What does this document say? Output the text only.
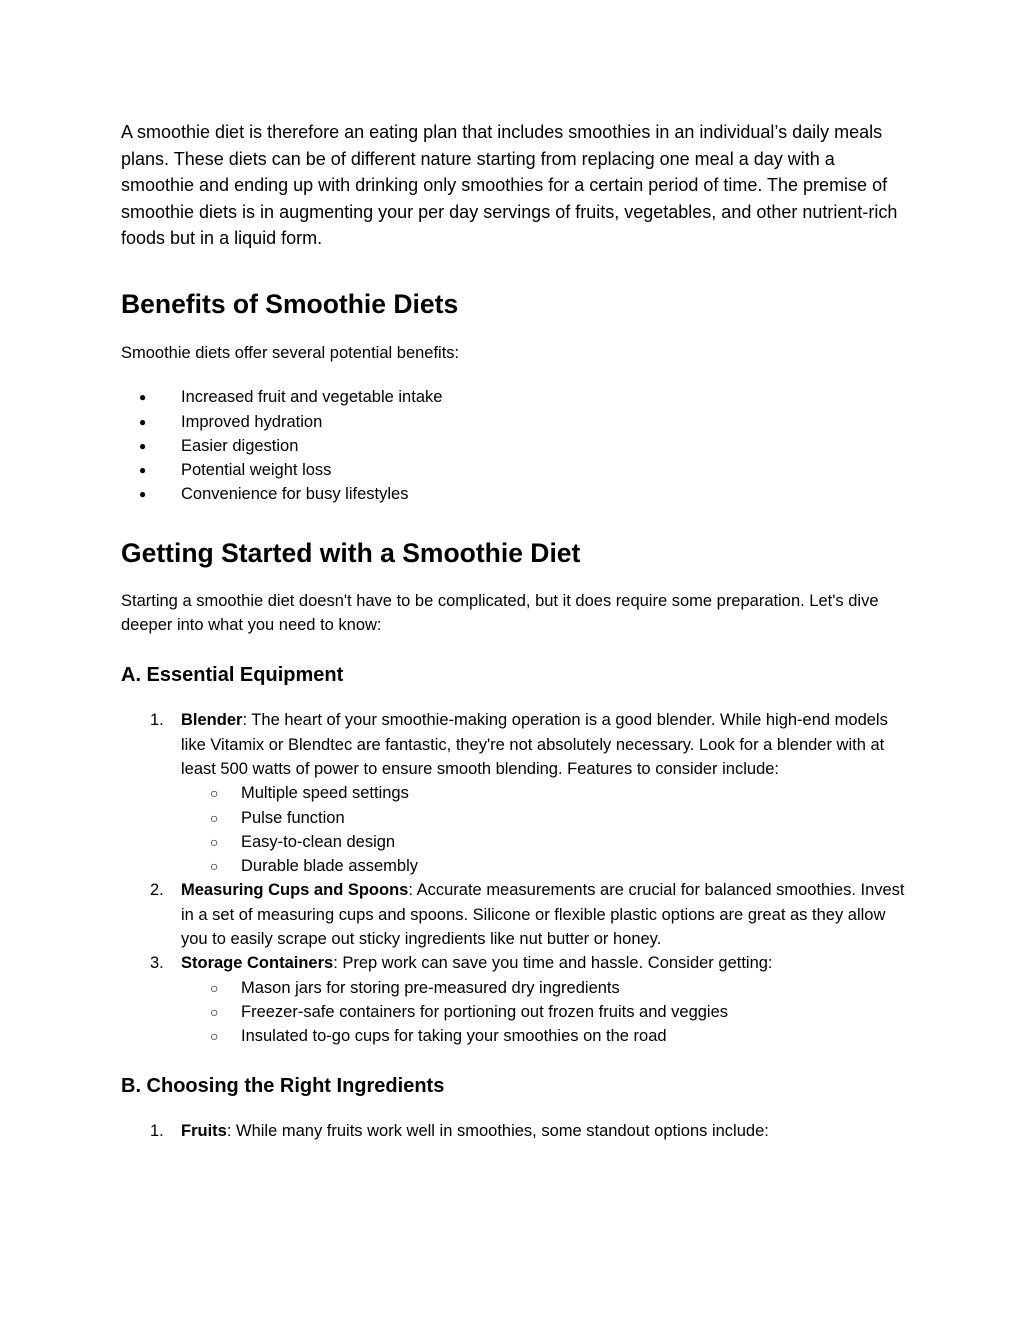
A smoothie diet is therefore an eating plan that includes smoothies in an individual’s daily meals plans. These diets can be of different nature starting from replacing one meal a day with a smoothie and ending up with drinking only smoothies for a certain period of time. The premise of smoothie diets is in augmenting your per day servings of fruits, vegetables, and other nutrient-rich foods but in a liquid form.

Benefits of Smoothie Diets

Smoothie diets offer several potential benefits:

● Increased fruit and vegetable intake
● Improved hydration
● Easier digestion
● Potential weight loss
● Convenience for busy lifestyles
Getting Started with a Smoothie Diet

Starting a smoothie diet doesn't have to be complicated, but it does require some preparation. Let's dive deeper into what you need to know:

A. Essential Equipment
1. Blender: The heart of your smoothie-making operation is a good blender. While high-end models like Vitamix or Blendtec are fantastic, they're not absolutely necessary. Look for a blender with at least 500 watts of power to ensure smooth blending. Features to consider include:
○ Multiple speed settings
○ Pulse function
○ Easy-to-clean design
○ Durable blade assembly
2. Measuring Cups and Spoons: Accurate measurements are crucial for balanced smoothies. Invest in a set of measuring cups and spoons. Silicone or flexible plastic options are great as they allow you to easily scrape out sticky ingredients like nut butter or honey.
3. Storage Containers: Prep work can save you time and hassle. Consider getting:
○ Mason jars for storing pre-measured dry ingredients
○ Freezer-safe containers for portioning out frozen fruits and veggies
○ Insulated to-go cups for taking your smoothies on the road
B. Choosing the Right Ingredients
1. Fruits: While many fruits work well in smoothies, some standout options include:
